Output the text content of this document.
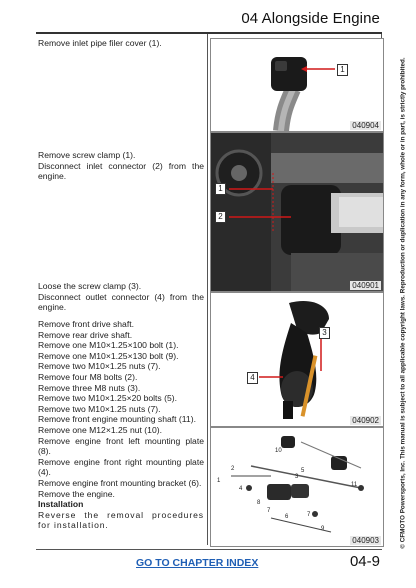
04 Alongside Engine

Remove inlet pipe filer cover (1).

Remove screw clamp (1).

Disconnect inlet connector (2) from the engine.

Loose the screw clamp (3).

Disconnect outlet connector (4) from the engine.

Remove front drive shaft.

Remove rear drive shaft.

Remove one M10×1.25×100 bolt (1).

Remove one M10×1.25×130 bolt (9).

Remove two M10×1.25 nuts (7).

Remove four M8 bolts (2).

Remove three M8 nuts (3).

Remove two M10×1.25×20 bolts (5).

Remove two M10×1.25 nuts (7).

Remove front engine mounting shaft (11).

Remove one M12×1.25 nut (10).

Remove engine front left mounting plate (8).

Remove engine front right mounting plate (4).

Remove engine front mounting bracket (6).

Remove the engine.

Installation

Reverse the removal procedures for installation.

1
040904
1
2
040901
3
4
040902
10
5
3
2
4
1
8
11
7
9
7
6
040903	© CFMOTO Powersports, Inc. This manual is subject to all applicable copyright laws. Reproduction or duplication in any form, whole or in part, is strictly prohibited.
GO TO CHAPTER INDEX	04-9
